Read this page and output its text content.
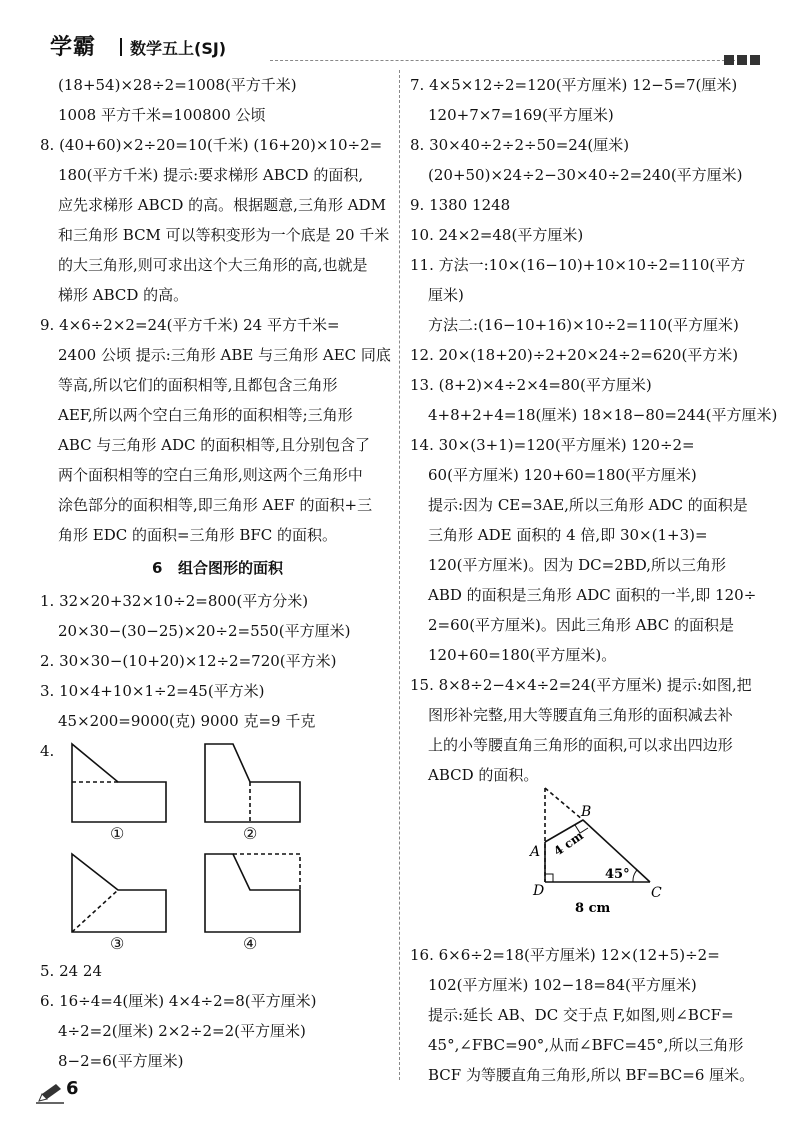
学霸 数学五上(SJ)
(18+54)×28÷2=1008(平方千米)
1008 平方千米=100800 公顷
8. (40+60)×2÷20=10(千米) (16+20)×10÷2=
180(平方千米) 提示:要求梯形 ABCD 的面积,
应先求梯形 ABCD 的高。根据题意,三角形 ADM
和三角形 BCM 可以等积变形为一个底是 20 千米
的大三角形,则可求出这个大三角形的高,也就是
梯形 ABCD 的高。
9. 4×6÷2×2=24(平方千米) 24 平方千米=
2400 公顷 提示:三角形 ABE 与三角形 AEC 同底
等高,所以它们的面积相等,且都包含三角形
AEF,所以两个空白三角形的面积相等;三角形
ABC 与三角形 ADC 的面积相等,且分别包含了
两个面积相等的空白三角形,则这两个三角形中
涂色部分的面积相等,即三角形 AEF 的面积+三
角形 EDC 的面积=三角形 BFC 的面积。
6 组合图形的面积
1. 32×20+32×10÷2=800(平方分米)
20×30−(30−25)×20÷2=550(平方厘米)
2. 30×30−(10+20)×12÷2=720(平方米)
3. 10×4+10×1÷2=45(平方米)
45×200=9000(克) 9000 克=9 千克
4.
①	②
③	④
5. 24 24
6. 16÷4=4(厘米) 4×4÷2=8(平方厘米)
4÷2=2(厘米) 2×2÷2=2(平方厘米)
8−2=6(平方厘米)
7. 4×5×12÷2=120(平方厘米) 12−5=7(厘米)
120+7×7=169(平方厘米)
8. 30×40÷2÷2÷50=24(厘米)
(20+50)×24÷2−30×40÷2=240(平方厘米)
9. 1380 1248
10. 24×2=48(平方厘米)
11. 方法一:10×(16−10)+10×10÷2=110(平方
厘米)
方法二:(16−10+16)×10÷2=110(平方厘米)
12. 20×(18+20)÷2+20×24÷2=620(平方米)
13. (8+2)×4÷2×4=80(平方厘米)
4+8+2+4=18(厘米) 18×18−80=244(平方厘米)
14. 30×(3+1)=120(平方厘米) 120÷2=
60(平方厘米) 120+60=180(平方厘米)
提示:因为 CE=3AE,所以三角形 ADC 的面积是
三角形 ADE 面积的 4 倍,即 30×(1+3)=
120(平方厘米)。因为 DC=2BD,所以三角形
ABD 的面积是三角形 ADC 面积的一半,即 120÷
2=60(平方厘米)。因此三角形 ABC 的面积是
120+60=180(平方厘米)。
15. 8×8÷2−4×4÷2=24(平方厘米) 提示:如图,把
图形补完整,用大等腰直角三角形的面积减去补
上的小等腰直角三角形的面积,可以求出四边形
ABCD 的面积。
16. 6×6÷2=18(平方厘米) 12×(12+5)÷2=
102(平方厘米) 102−18=84(平方厘米)
提示:延长 AB、DC 交于点 F,如图,则∠BCF=
45°,∠FBC=90°,从而∠BFC=45°,所以三角形
BCF 为等腰直角三角形,所以 BF=BC=6 厘米。
A
B
C
D
4 cm
45°
8 cm
6
